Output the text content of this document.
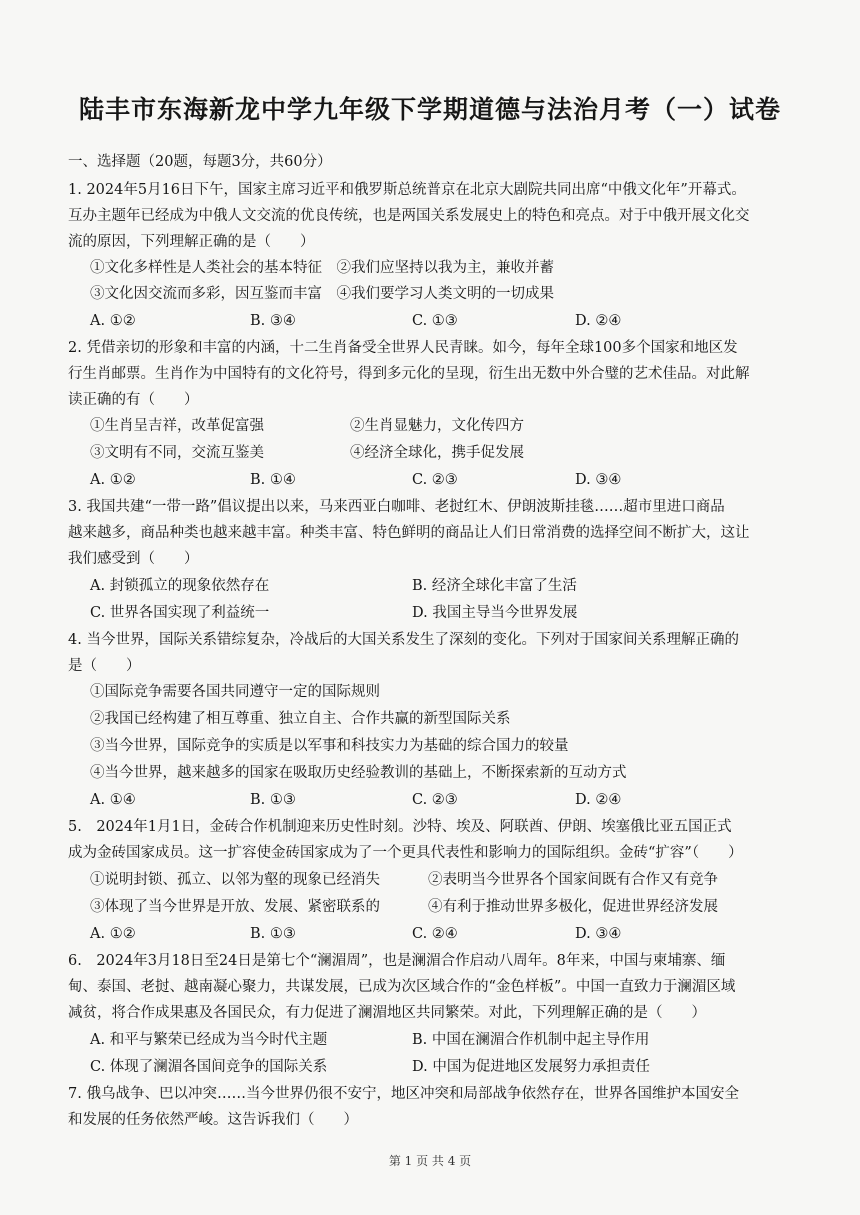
陆丰市东海新龙中学九年级下学期道德与法治月考（一）试卷
一、选择题（20题，每题3分，共60分）
1. 2024年5月16日下午，国家主席习近平和俄罗斯总统普京在北京大剧院共同出席“中俄文化年”开幕式。
互办主题年已经成为中俄人文交流的优良传统，也是两国关系发展史上的特色和亮点。对于中俄开展文化交
流的原因，下列理解正确的是（　　）
①文化多样性是人类社会的基本特征　②我们应坚持以我为主，兼收并蓄
③文化因交流而多彩，因互鉴而丰富　④我们要学习人类文明的一切成果
A. ①②	B. ③④	C. ①③	D. ②④
2. 凭借亲切的形象和丰富的内涵，十二生肖备受全世界人民青睐。如今，每年全球100多个国家和地区发
行生肖邮票。生肖作为中国特有的文化符号，得到多元化的呈现，衍生出无数中外合璧的艺术佳品。对此解
读正确的有（　　）
①生肖呈吉祥，改革促富强	②生肖显魅力，文化传四方
③文明有不同，交流互鉴美	④经济全球化，携手促发展
A. ①②	B. ①④	C. ②③	D. ③④
3. 我国共建“一带一路”倡议提出以来，马来西亚白咖啡、老挝红木、伊朗波斯挂毯……超市里进口商品
越来越多，商品种类也越来越丰富。种类丰富、特色鲜明的商品让人们日常消费的选择空间不断扩大，这让
我们感受到（　　）
A. 封锁孤立的现象依然存在	B. 经济全球化丰富了生活
C. 世界各国实现了利益统一	D. 我国主导当今世界发展
4. 当今世界，国际关系错综复杂，冷战后的大国关系发生了深刻的变化。下列对于国家间关系理解正确的
是（　　）
①国际竞争需要各国共同遵守一定的国际规则
②我国已经构建了相互尊重、独立自主、合作共赢的新型国际关系
③当今世界，国际竞争的实质是以军事和科技实力为基础的综合国力的较量
④当今世界，越来越多的国家在吸取历史经验教训的基础上，不断探索新的互动方式
A. ①④	B. ①③	C. ②③	D. ②④
5.　2024年1月1日，金砖合作机制迎来历史性时刻。沙特、埃及、阿联酋、伊朗、埃塞俄比亚五国正式
成为金砖国家成员。这一扩容使金砖国家成为了一个更具代表性和影响力的国际组织。金砖“扩容”（　　）
①说明封锁、孤立、以邻为壑的现象已经消失	②表明当今世界各个国家间既有合作又有竞争
③体现了当今世界是开放、发展、紧密联系的	④有利于推动世界多极化，促进世界经济发展
A. ①②	B. ①③	C. ②④	D. ③④
6.　2024年3月18日至24日是第七个“澜湄周”，也是澜湄合作启动八周年。8年来，中国与柬埔寨、缅
甸、泰国、老挝、越南凝心聚力，共谋发展，已成为次区域合作的“金色样板”。中国一直致力于澜湄区域
减贫，将合作成果惠及各国民众，有力促进了澜湄地区共同繁荣。对此，下列理解正确的是（　　）
A. 和平与繁荣已经成为当今时代主题	B. 中国在澜湄合作机制中起主导作用
C. 体现了澜湄各国间竞争的国际关系	D. 中国为促进地区发展努力承担责任
7. 俄乌战争、巴以冲突……当今世界仍很不安宁，地区冲突和局部战争依然存在，世界各国维护本国安全
和发展的任务依然严峻。这告诉我们（　　）
第 1 页 共 4 页
